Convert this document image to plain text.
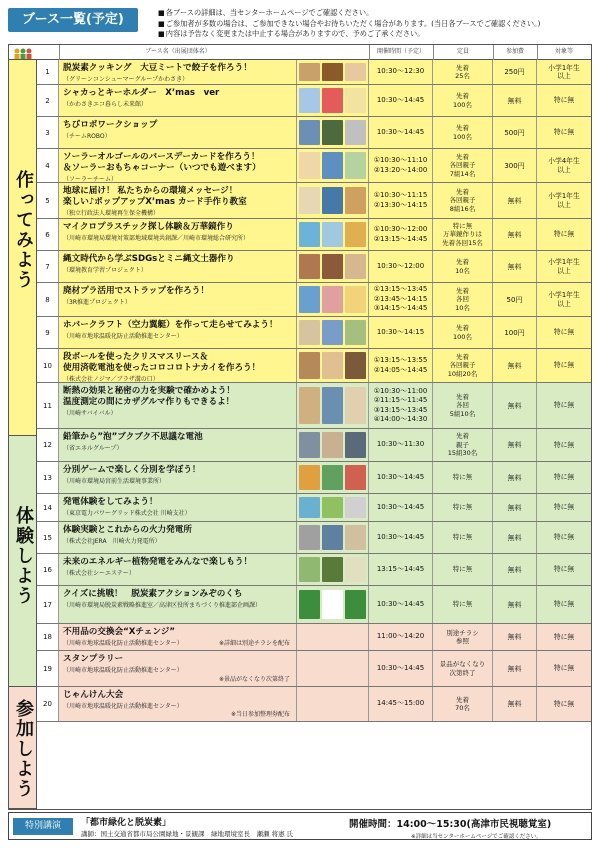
ブース一覧(予定)
■	各ブースの詳細は、当センターホームページでご確認ください。
■ ご参加者が多数の場合は、ご参加できない場合やお待ちいただく場合があります。(当日各ブースでご確認ください。)
■ 内容は予告なく変更または中止する場合がありますので、予めご了承ください。
ブース名（出展団体名）	開催時間（予定）	定員	参加費	対象等
作ってみよう
体験しよう
参加しよう
1	脱炭素クッキング　大豆ミートで餃子を作ろう！
（グリーンコンシューマーグループかわさき）
10:30～12:30	先着
25名	250円
小学1年生
以上
2
シャカっとキーホルダー　X’mas　ver
（かわさきエコ暮らし未来館）
10:30～14:45	先着
100名	無料	特に無
3
ちびロボワークショップ
（チームROBO）
10:30～14:45	先着
100名	500円	特に無
4
ソーラーオルゴールのバースデーカードを作ろう！
＆ソーラーおもちゃコーナー（いつでも遊べます）
（ソーラーチーム）
①10:30～11:10
②13:20～14:00
先着
各回親子
7組14名
300円
小学4年生
以上
5
地球に届け！ 私たちからの環境メッセージ！
楽しい♪ポップアップX’mas カード手作り教室
（独立行政法人環境再生保全機構）
①10:30～11:15
②13:30～14:15
先着
各回親子
8組16名
無料
小学1年生
以上
6
マイクロプラスチック探し体験＆万華鏡作り
（川崎市環境局環境対策部地域環境共創課／川崎市環境総合研究所）
①10:30～12:00
②13:15～14:45
特に無
万華鏡作りは
先着各回15名
無料	特に無
7
縄文時代から学ぶSDGsとミニ縄文土器作り
（環境教育学習プロジェクト）
10:30～12:00	先着
10名	無料
小学1年生
以上
8
廃材プラ活用でストラップを作ろう！
（3R推進プロジェクト）
①13:15～13:45
②13:45～14:15
③14:15～14:45
先着
各回
10名
50円
小学1年生
以上
9
ホバークラフト（空力翼艇）を作って走らせてみよう！
（川崎市地球温暖化防止活動推進センター）
10:30～14:15	先着
100名	100円	特に無
10
段ボールを使ったクリスマスリース＆
使用済乾電池を使ったコロコロトナカイを作ろう！
（株式会社ノジマ／ブラザ溝の口）
①13:15～13:55
②14:05～14:45
先着
各回親子
10組20名
無料	特に無
11
断熱の効果と秘密の力を実験で確かめよう！
温度測定の間にカザグルマ作りもできるよ！
（川崎サバイバル）
①10:30～11:00
②11:15～11:45
③13:15～13:45
④14:00～14:30
先着
各回
5組10名
無料	特に無
12
鉛筆から”泡”ブクブク不思議な電池
（省エネルグループ）
10:30～11:30
先着
親子
15組30名
無料	特に無
13
分別ゲームで楽しく分別を学ぼう！
（川崎市環境局宮前生活環境事業所）
10:30～14:45	特に無	無料	特に無
14
発電体験をしてみよう！
（東京電力パワーグリッド株式会社 川崎支社）
10:30～14:45	特に無	無料	特に無
15
体験実験とこれからの火力発電所
（株式会社JERA　川崎火力発電所）
10:30～14:45	特に無	無料	特に無
16
未来のエネルギー植物発電をみんなで楽しもう！
（株式会社シーエステー）
13:15～14:45	特に無	無料	特に無
17
クイズに挑戦！　脱炭素アクションみぞのくち
（川崎市環境局脱炭素戦略推進室／高津区役所まちづくり推進部企画課）	10:30～14:45	特に無	無料	特に無
18	不用品の交換会“Xチェンジ”
（川崎市地球温暖化防止活動推進センター）	※詳細は別途チラシを配布
11:00～14:20	別途チラシ
参照	無料	特に無
19
スタンプラリー
（川崎市地球温暖化防止活動推進センター）
※景品がなくなり次第終了
10:30～14:45	景品がなくなり
次第終了	無料	特に無
20
じゃんけん大会
（川崎市地球温暖化防止活動推進センター）
※当日参加整理券配布
14:45～15:00	先着
70名	無料	特に無
特別講演	「都市緑化と脱炭素」
講師：国土交通省都市局公園緑地・景観課　緑地環境室長　瀬瀬 将憲 氏
開催時間：14:00～15:30(高津市民視聴覚室)
※詳細は当センターホームページでご確認ください。
